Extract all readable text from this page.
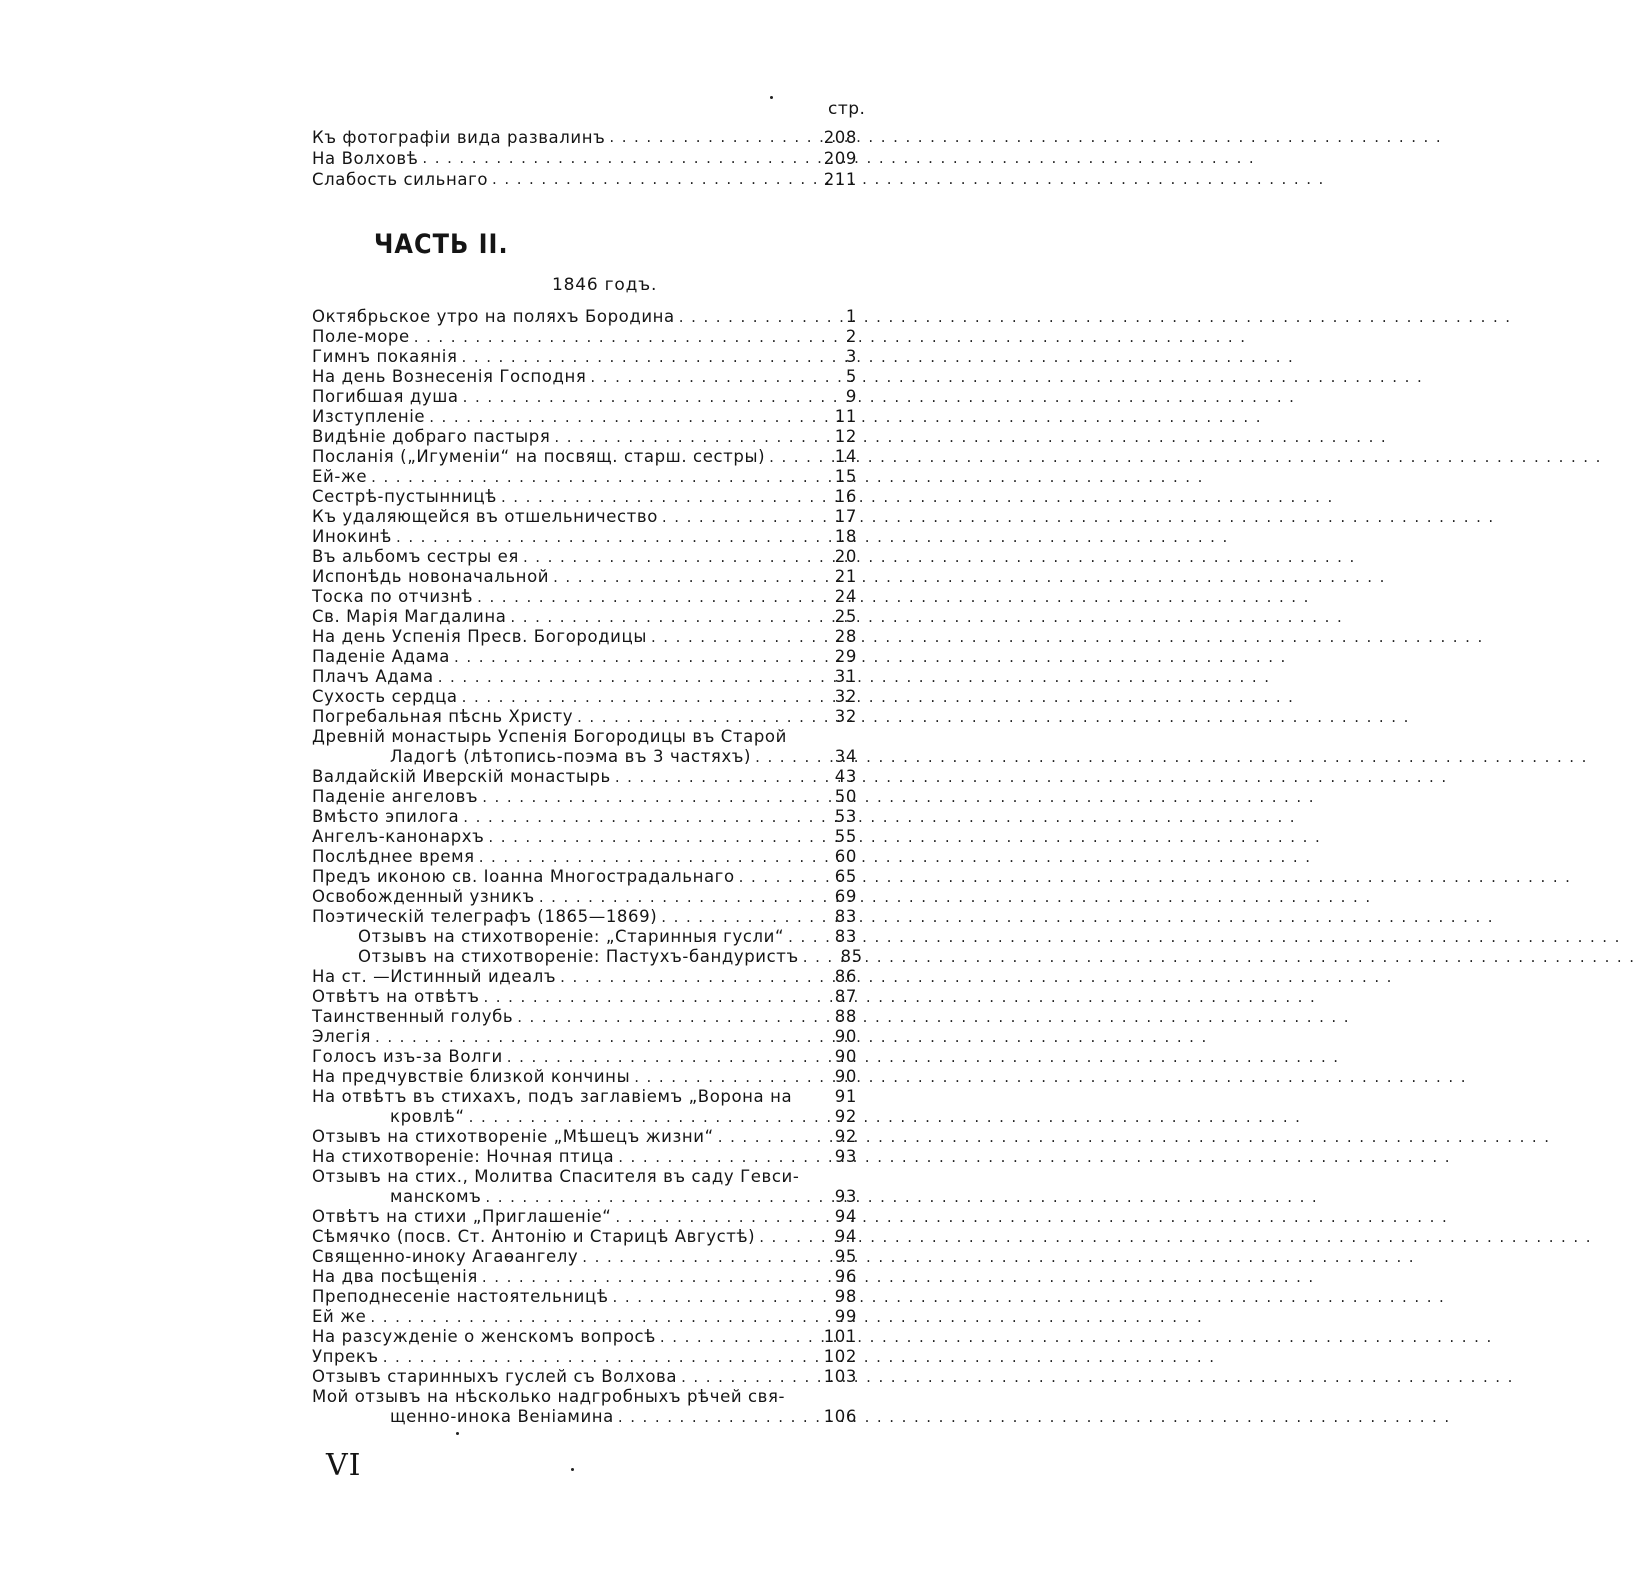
стр.
Къ фотографіи вида развалинъ . . .	208
На Волховѣ . . .	209
Слабость сильнаго . . .	211
ЧАСТЬ II.
1846 годъ.
Октябрьское утро на поляхъ Бородина . . .	1
Поле-море . . .	2
Гимнъ покаянія . . .	3
На день Вознесенія Господня . . .	5
Погибшая душа . . .	9
Изступленіе . . .	11
Видѣніе добраго пастыря . . .	12
Посланія („Игуменіи“ на посвящ. старш. сестры) . . .	14
Ей-же . . .	15
Сестрѣ-пустынницѣ . . .	16
Къ удаляющейся въ отшельничество . . .	17
Инокинѣ . . .	18
Въ альбомъ сестры ея . . .	20
Испонѣдь новоначальной . . .	21
Тоска по отчизнѣ . . .	24
Св. Марія Магдалина . . .	25
На день Успенія Пресв. Богородицы . . .	28
Паденіе Адама . . .	29
Плачъ Адама . . .	31
Сухость сердца . . .	32
Погребальная пѣснь Христу . . .	32
Древній монастырь Успенія Богородицы въ Старой
Ладогѣ (лѣтопись-поэма въ 3 частяхъ) . . .	34
Валдайскій Иверскій монастырь . . .	43
Паденіе ангеловъ . . .	50
Вмѣсто эпилога . . .	53
Ангелъ-канонархъ . . .	55
Послѣднее время . . .	60
Предъ иконою св. Іоанна Многострадальнаго . . .	65
Освобожденный узникъ . . .	69
Поэтическій телеграфъ (1865—1869) . . .	83
Отзывъ на стихотвореніе: „Старинныя гусли“ . . .	83
Отзывъ на стихотвореніе: Пастухъ-бандуристъ . . .	85
На ст. —Истинный идеалъ . . .	86
Отвѣтъ на отвѣтъ . . .	87
Таинственный голубь . . .	88
Элегія . . .	90
Голосъ изъ-за Волги . . .	90
На предчувствіе близкой кончины . . .	90
На отвѣтъ въ стихахъ, подъ заглавіемъ „Ворона на	91
кровлѣ“ . . .	92
Отзывъ на стихотвореніе „Мѣшецъ жизни“ . . .	92
На стихотвореніе: Ночная птица . . .	93
Отзывъ на стих., Молитва Спасителя въ саду Гевси-
манскомъ . . .	93
Отвѣтъ на стихи „Приглашеніе“ . . .	94
Сѣмячко (посв. Ст. Антонію и Старицѣ Августѣ) . . .	94
Священно-иноку Агаѳангелу . . .	95
На два посѣщенія . . .	96
Преподнесеніе настоятельницѣ . . .	98
Ей же . . .	99
На разсужденіе о женскомъ вопросѣ . . .	101
Упрекъ . . .	102
Отзывъ старинныхъ гуслей съ Волхова . . .	103
Мой отзывъ на нѣсколько надгробныхъ рѣчей свя-
щенно-инока Веніамина . . .	106
VI
